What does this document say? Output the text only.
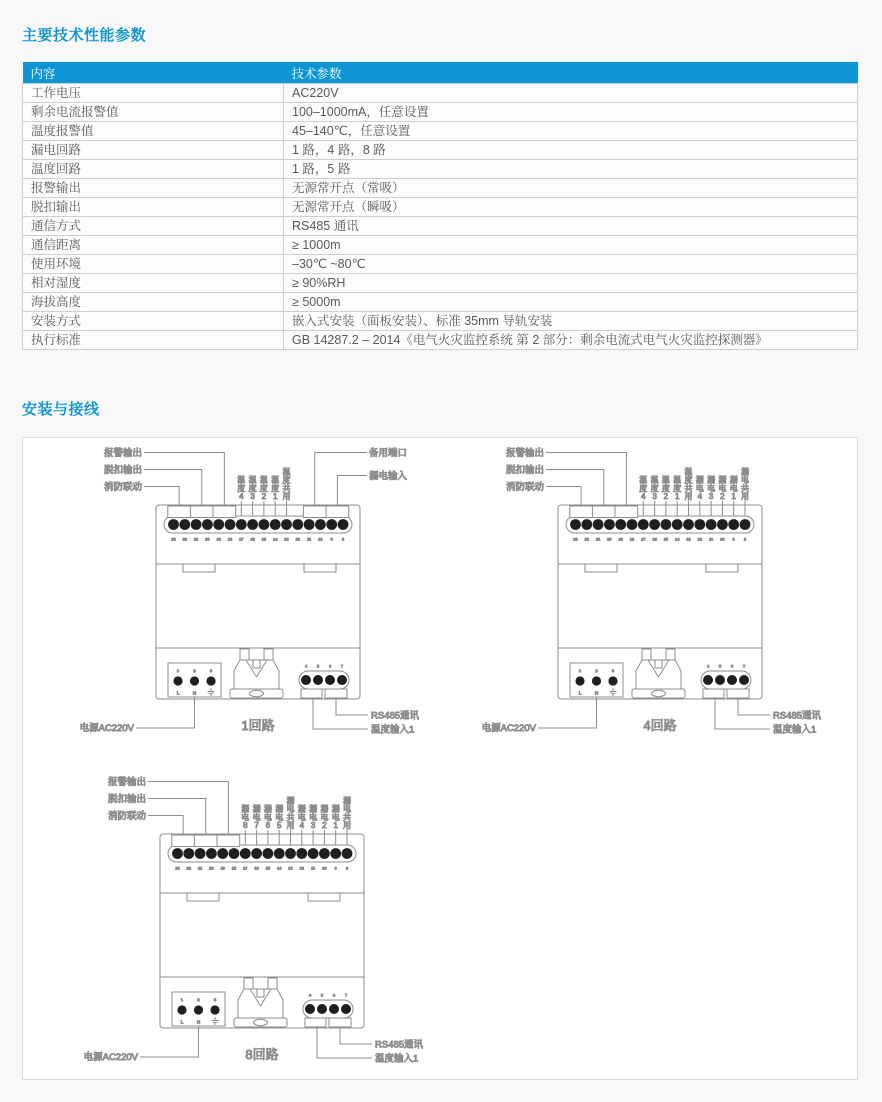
主要技术性能参数
内容	技术参数
工作电压	AC220V
剩余电流报警值	100–1000mA，任意设置
温度报警值	45–140℃，任意设置
漏电回路	1 路，4 路，8 路
温度回路	1 路，5 路
报警输出	无源常开点（常吸）
脱扣输出	无源常开点（瞬吸）
通信方式	RS485 通讯
通信距离	≥ 1000m
使用环境	–30℃ ~80℃
相对湿度	≥ 90%RH
海拔高度	≥ 5000m
安装方式	嵌入式安装（面板安装）、标准 35mm 导轨安装
执行标准	GB 14287.2 – 2014《电气火灾监控系统 第 2 部分：剩余电流式电气火灾监控探测器》
安装与接线
23 22 21 20 19 18 17 16 15 14 13 12 11 10 9 8
报警输出
脱扣输出
消防联动
温
度
4
温
度
3
温
度
2
温
度
1
温
度
共
用
备用端口
漏电输入
1
L
2
N
3
4	5	6	7
电源AC220V
RS485通讯
温度输入1
1回路
23 22 21 20 19 18 17 16 15 14 13 12 11 10 9 8
报警输出
脱扣输出
消防联动
温
度
4
温
度
3
温
度
2
温
度
1
温
度
共
用
漏
电
4
漏
电
3
漏
电
2
漏
电
1
漏
电
共
用
1
L
2
N
3
4	5	6	7
电源AC220V
RS485通讯
温度输入1
4回路
23 22 21 20 19 18 17 16 15 14 13 12 11 10 9 8
报警输出
脱扣输出
消防联动
漏
电
8
漏
电
7
漏
电
6
漏
电
5
漏
电
共
用
漏
电
4
漏
电
3
漏
电
2
漏
电
1
漏
电
共
用
1
L
2
N
3
4	5	6	7
电源AC220V
RS485通讯
温度输入1
8回路
